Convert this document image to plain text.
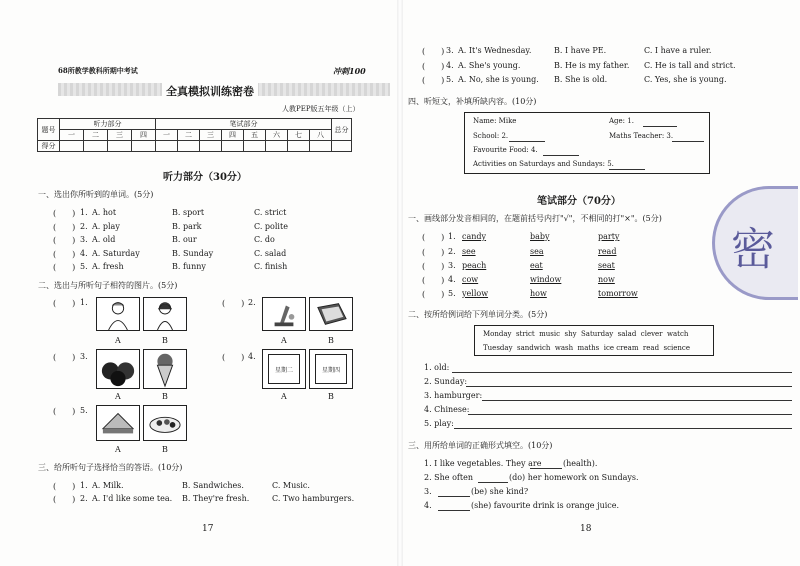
68所教学教科所期中考试	冲刺100
全真模拟训练密卷
人教PEP版五年级（上）
题号	听力部分				笔试部分								总分
	一	二	三	四	一	二	三	四	五	六	七	八	
得分													
听力部分（30分）
一、选出你所听到的单词。(5分)
(　　) 1. A. hot	B. sport	C. strict
(　　) 2. A. play	B. park	C. polite
(　　) 3. A. old	B. our	C. do
(　　) 4. A. Saturday	B. Sunday	C. salad
(　　) 5. A. fresh	B. funny	C. finish
二、选出与所听句子相符的图片。(5分)
(　　) 1.
A	B
(　　) 2.
A	B
(　　) 3.
A	B
(　　) 4.
星期二	星期四
A	B
(　　) 5.
A	B
三、给所听句子选择恰当的答语。(10分)
(　　) 1. A. Milk.	B. Sandwiches.	C. Music.
(　　) 2. A. I'd like some tea. B. They're fresh.	C. Two hamburgers.
17
(　　) 3. A. It's Wednesday.	B. I have PE.	C. I have a ruler.
(　　) 4. A. She's young.	B. He is my father. C. He is tall and strict.
(　　) 5. A. No, she is young. B. She is old.	C. Yes, she is young.
四、听短文，补填所缺内容。(10分)
Name: Mike	Age: 1.
School: 2.	Maths Teacher: 3.
Favourite Food: 4.
Activities on Saturdays and Sundays: 5.
笔试部分（70分）
一、画线部分发音相同的，在题前括号内打"√"，不相同的打"×"。(5分)
(　　) 1. candy	baby	party
(　　) 2. see	sea	read
(　　) 3. peach	eat	seat
(　　) 4. cow	window	now
(　　) 5. yellow	how	tomorrow
二、按所给例词给下列单词分类。(5分)
Monday  strict  music  shy  Saturday  salad  clever  watch
Tuesday  sandwich  wash  maths  ice cream  read  science
1. old:
2. Sunday:
3. hamburger:
4. Chinese:
5. play:
三、用所给单词的正确形式填空。(10分)
1. I like vegetables. They are	(health).
2. She often	(do) her homework on Sundays.
3.	(be) she kind?
4.	(she) favourite drink is orange juice.
18
密
